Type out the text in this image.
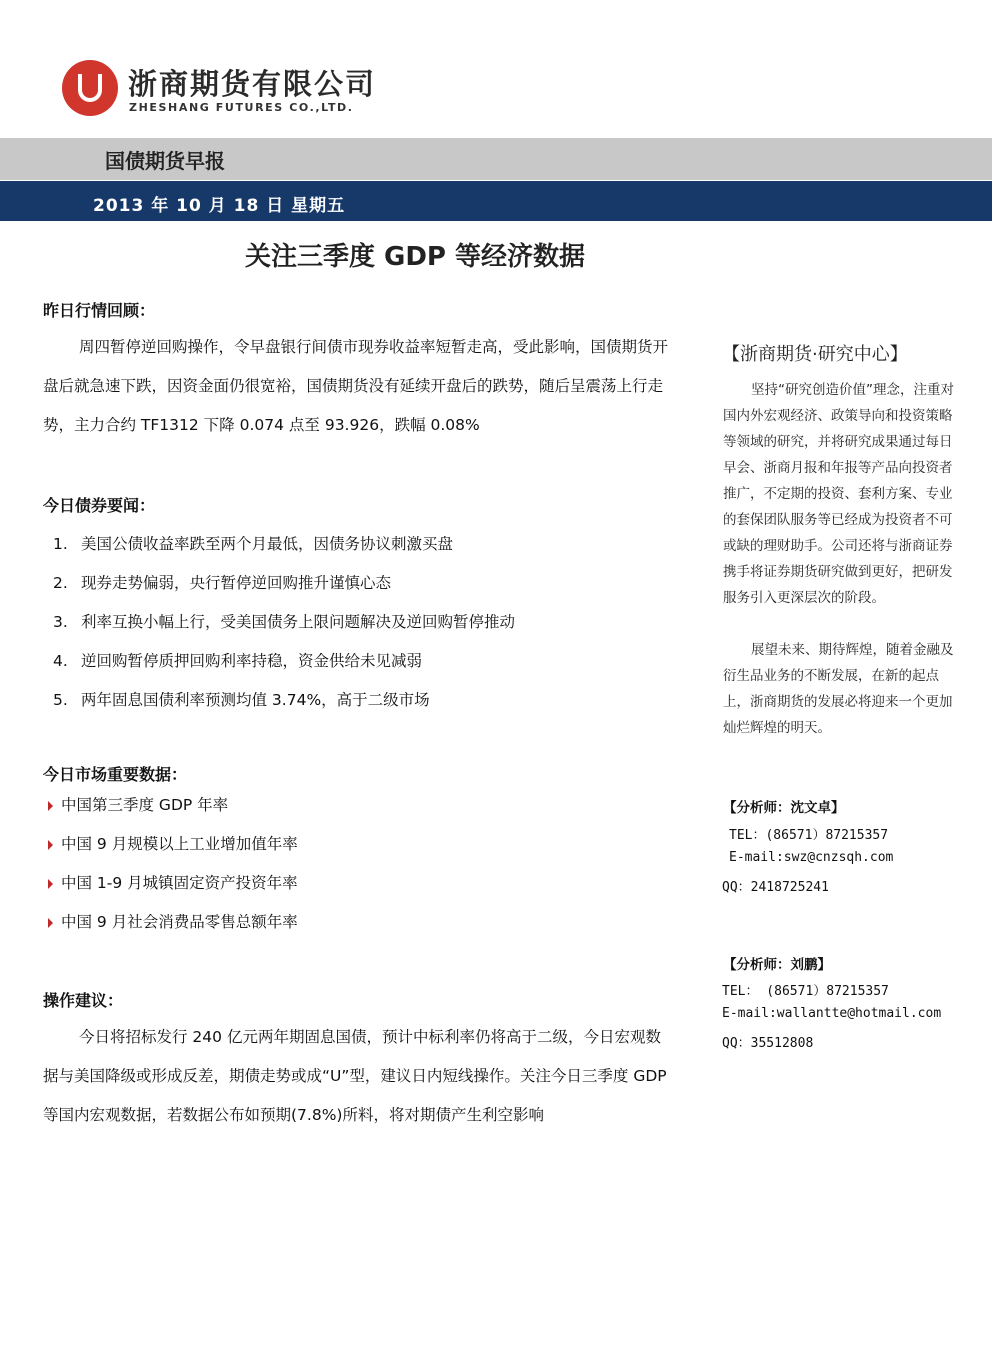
浙商期货有限公司
ZHESHANG FUTURES CO.,LTD.
国债期货早报
2013 年 10 月 18 日 星期五
关注三季度 GDP 等经济数据
昨日行情回顾：

周四暂停逆回购操作，令早盘银行间债市现券收益率短暂走高，受此影响，国债期货开盘后就急速下跌，因资金面仍很宽裕，国债期货没有延续开盘后的跌势，随后呈震荡上行走势，主力合约 TF1312 下降 0.074 点至 93.926，跌幅 0.08%

今日债券要闻：
1. 美国公债收益率跌至两个月最低，因债务协议刺激买盘
2. 现券走势偏弱，央行暂停逆回购推升谨慎心态
3. 利率互换小幅上行，受美国债务上限问题解决及逆回购暂停推动
4. 逆回购暂停质押回购利率持稳，资金供给未见减弱
5. 两年固息国债利率预测均值 3.74%，高于二级市场
今日市场重要数据：
中国第三季度 GDP 年率
中国 9 月规模以上工业增加值年率
中国 1-9 月城镇固定资产投资年率
中国 9 月社会消费品零售总额年率
操作建议：

今日将招标发行 240 亿元两年期固息国债，预计中标利率仍将高于二级，今日宏观数据与美国降级或形成反差，期债走势或成“U”型，建议日内短线操作。关注今日三季度 GDP 等国内宏观数据，若数据公布如预期(7.8%)所料，将对期债产生利空影响

【浙商期货·研究中心】

坚持“研究创造价值”理念，注重对国内外宏观经济、政策导向和投资策略等领域的研究，并将研究成果通过每日早会、浙商月报和年报等产品向投资者推广，不定期的投资、套利方案、专业的套保团队服务等已经成为投资者不可或缺的理财助手。公司还将与浙商证券携手将证券期货研究做到更好，把研发服务引入更深层次的阶段。

展望未来、期待辉煌，随着金融及衍生品业务的不断发展，在新的起点上，浙商期货的发展必将迎来一个更加灿烂辉煌的明天。

【分析师：沈文卓】
TEL：(86571）87215357
E-mail:swz@cnzsqh.com
QQ：2418725241
【分析师：刘鹏】
TEL： (86571）87215357
E-mail:wallantte@hotmail.com
QQ：35512808
